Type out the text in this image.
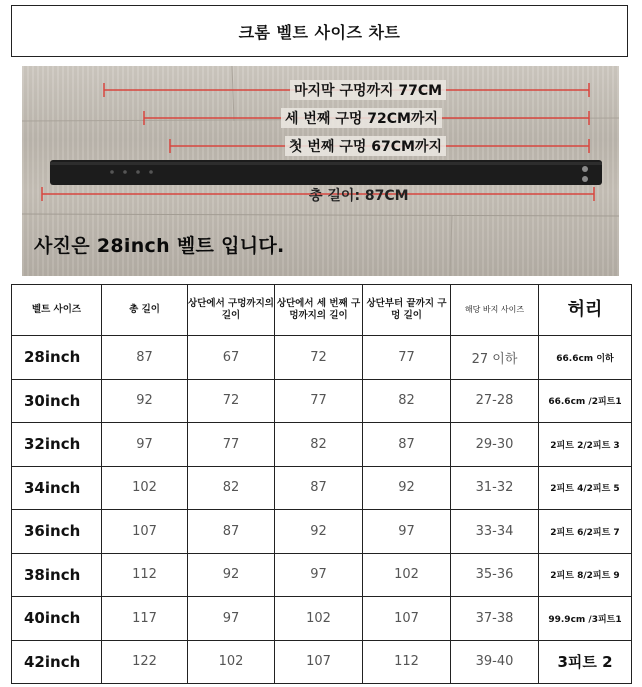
크롬 벨트 사이즈 차트
마지막 구멍까지 77CM
세 번째 구멍 72CM까지
첫 번째 구멍 67CM까지
총 길이: 87CM
사진은 28inch 벨트 입니다.
벨트 사이즈	총 길이	상단에서 구멍까지의 길이	상단에서 세 번째 구멍까지의 길이	상단부터 끝까지 구멍 길이	해당 바지 사이즈	허리
28inch	87	67	72	77	27 이하	66.6cm 이하
30inch	92	72	77	82	27-28	66.6cm /2피트1
32inch	97	77	82	87	29-30	2피트 2/2피트 3
34inch	102	82	87	92	31-32	2피트 4/2피트 5
36inch	107	87	92	97	33-34	2피트 6/2피트 7
38inch	112	92	97	102	35-36	2피트 8/2피트 9
40inch	117	97	102	107	37-38	99.9cm /3피트1
42inch	122	102	107	112	39-40	3피트 2
